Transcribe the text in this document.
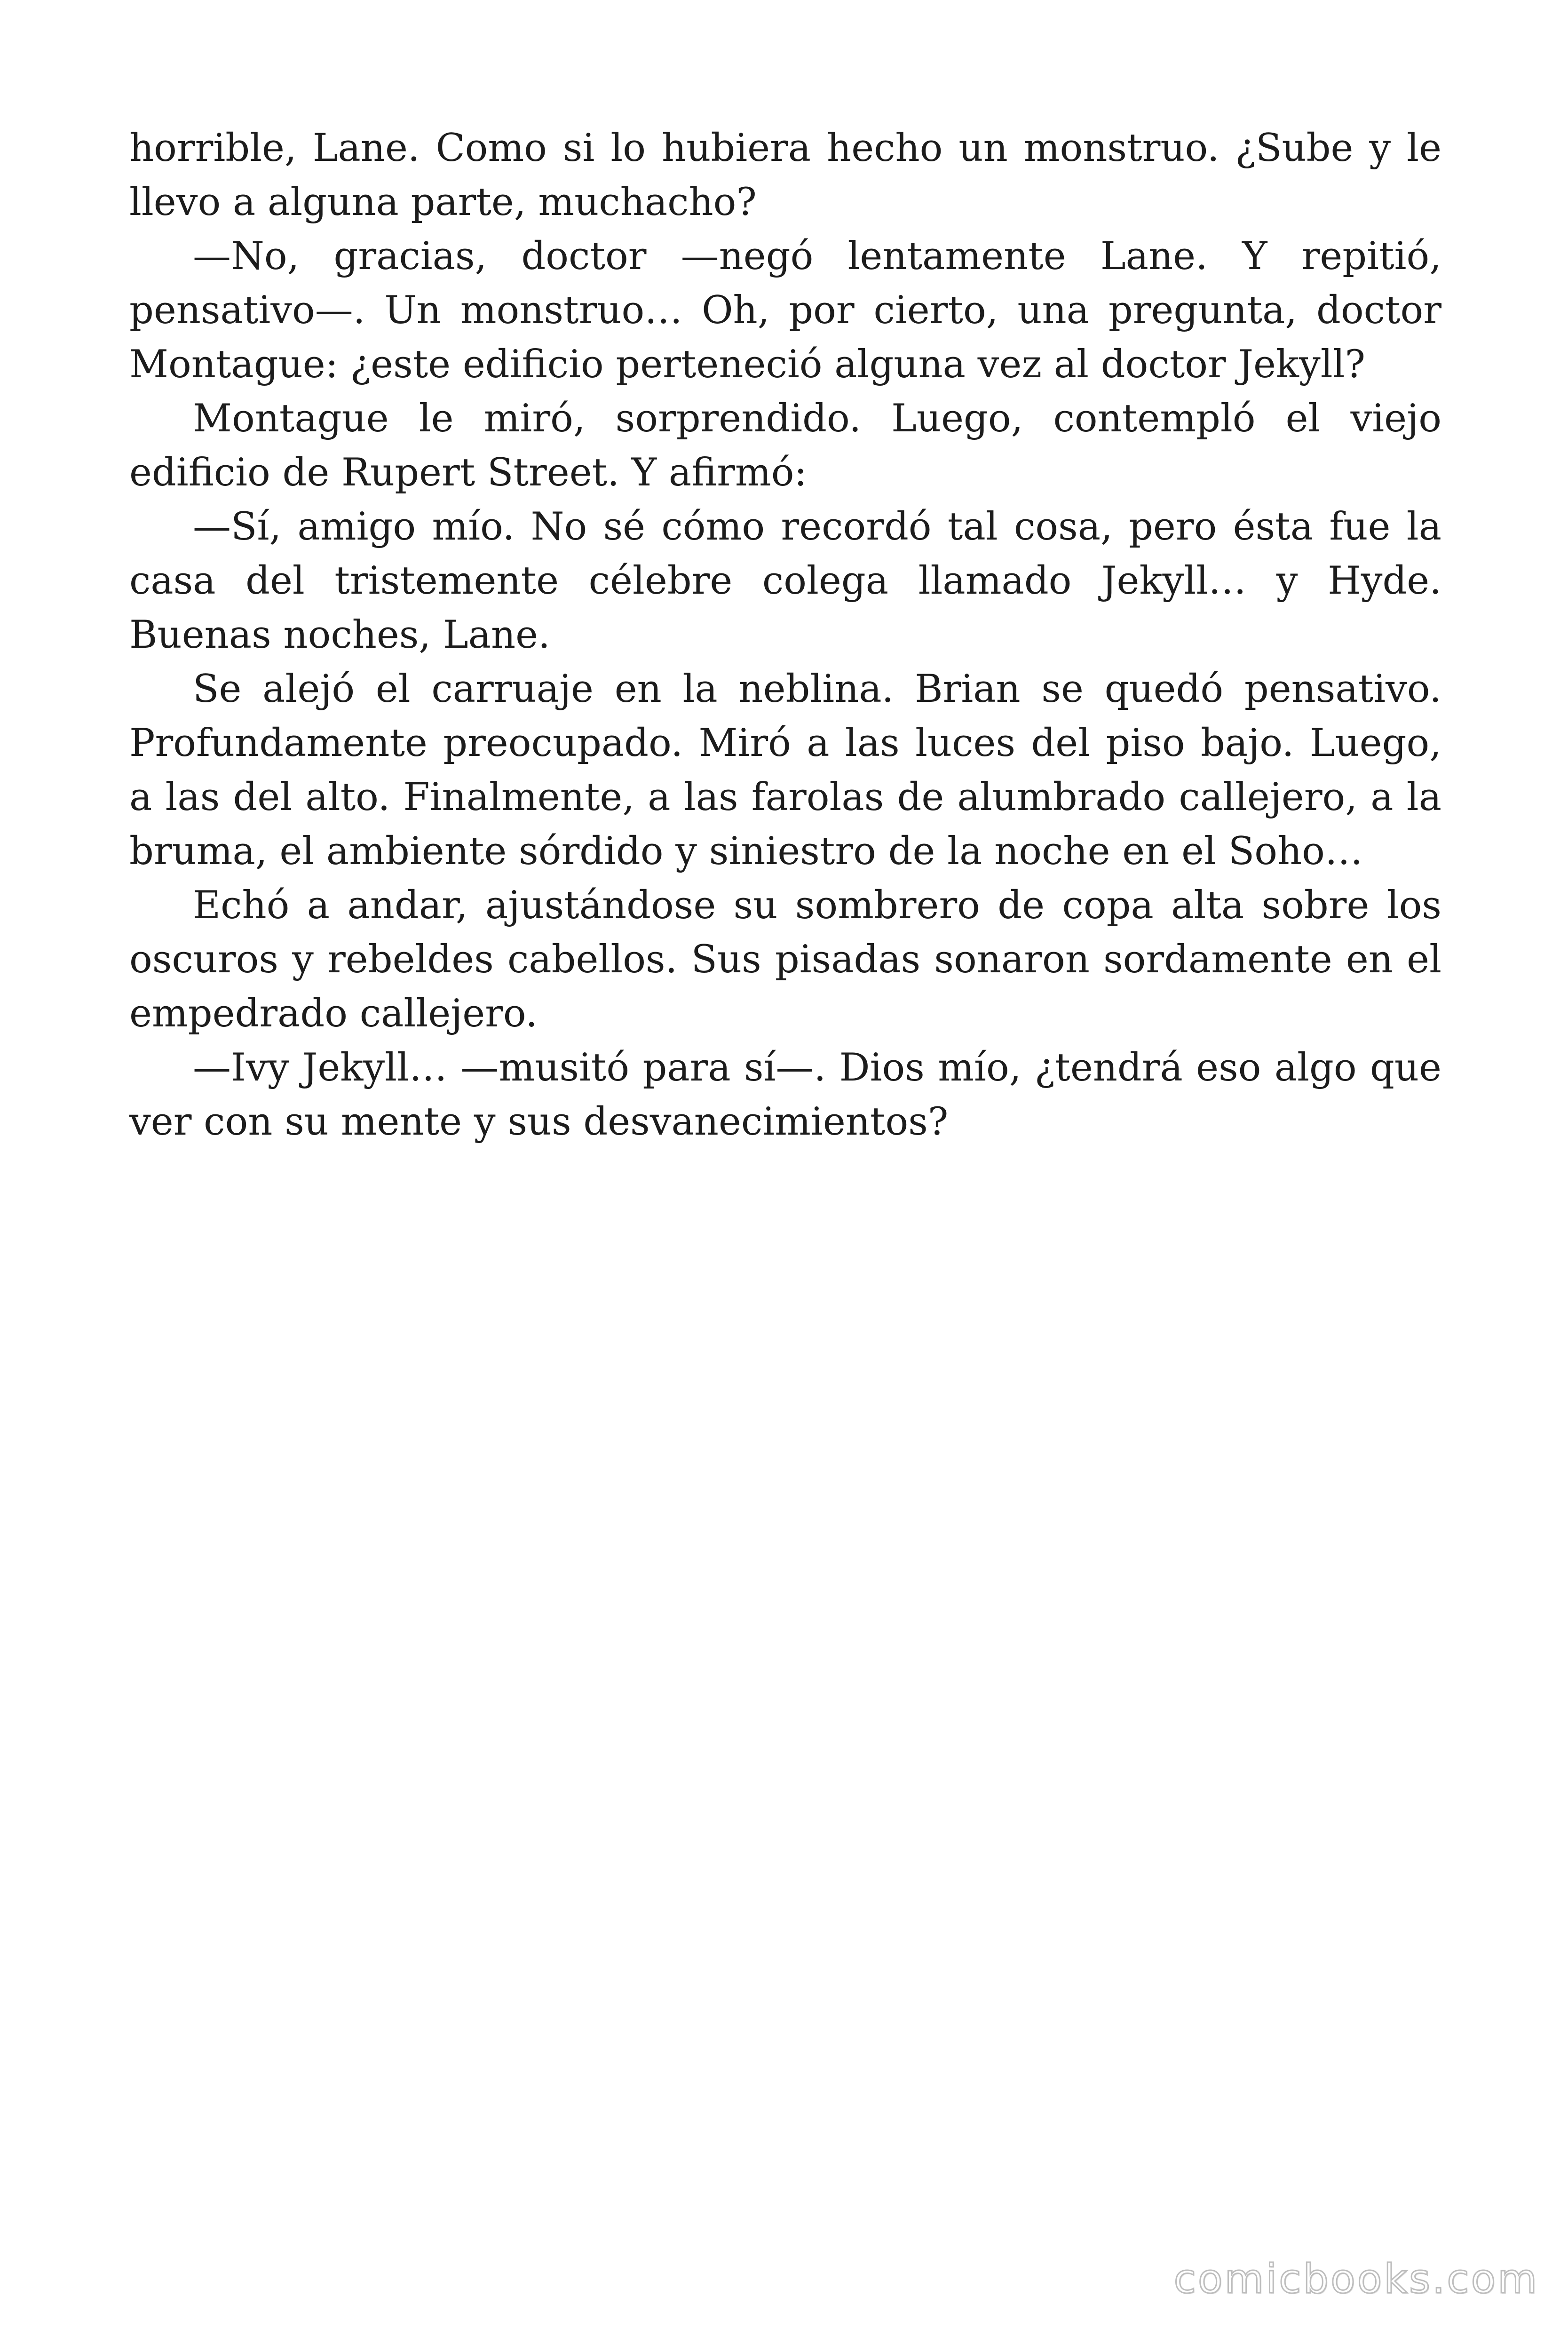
horrible, Lane. Como si lo hubiera hecho un monstruo. ¿Sube y le llevo a alguna parte, muchacho?

—No, gracias, doctor —negó lentamente Lane. Y repitió, pensativo—. Un monstruo… Oh, por cierto, una pregunta, doctor Montague: ¿este edificio perteneció alguna vez al doctor Jekyll?

Montague le miró, sorprendido. Luego, contempló el viejo edificio de Rupert Street. Y afirmó:

—Sí, amigo mío. No sé cómo recordó tal cosa, pero ésta fue la casa del tristemente célebre colega llamado Jekyll… y Hyde. Buenas noches, Lane.

Se alejó el carruaje en la neblina. Brian se quedó pensativo. Profundamente preocupado. Miró a las luces del piso bajo. Luego, a las del alto. Finalmente, a las farolas de alumbrado callejero, a la bruma, el ambiente sórdido y siniestro de la noche en el Soho…

Echó a andar, ajustándose su sombrero de copa alta sobre los oscuros y rebeldes cabellos. Sus pisadas sonaron sordamente en el empedrado callejero.

—Ivy Jekyll… —musitó para sí—. Dios mío, ¿tendrá eso algo que ver con su mente y sus desvanecimientos?

comicbooks.com
